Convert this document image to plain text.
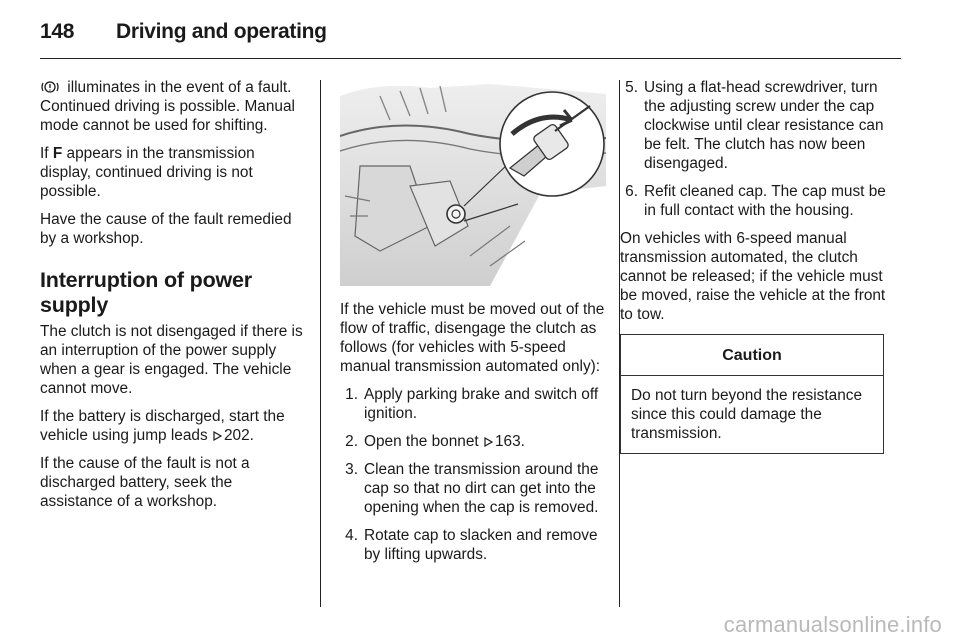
148 Driving and operating

illuminates in the event of a fault. Continued driving is possible. Manual mode cannot be used for shifting.

If F appears in the transmission display, continued driving is not possible.

Have the cause of the fault remedied by a workshop.

Interruption of power supply

The clutch is not disengaged if there is an interruption of the power supply when a gear is engaged. The vehicle cannot move.

If the battery is discharged, start the vehicle using jump leads 202.

If the cause of the fault is not a discharged battery, seek the assistance of a workshop.

If the vehicle must be moved out of the flow of traffic, disengage the clutch as follows (for vehicles with 5-speed manual transmission automated only):

1. Apply parking brake and switch off ignition.
2. Open the bonnet 163.
3. Clean the transmission around the cap so that no dirt can get into the opening when the cap is removed.
4. Rotate cap to slacken and remove by lifting upwards.
5. Using a flat-head screwdriver, turn the adjusting screw under the cap clockwise until clear resistance can be felt. The clutch has now been disengaged.
6. Refit cleaned cap. The cap must be in full contact with the housing.

On vehicles with 6-speed manual transmission automated, the clutch cannot be released; if the vehicle must be moved, raise the vehicle at the front to tow.

Caution
Do not turn beyond the resistance since this could damage the transmission.
carmanualsonline.info
